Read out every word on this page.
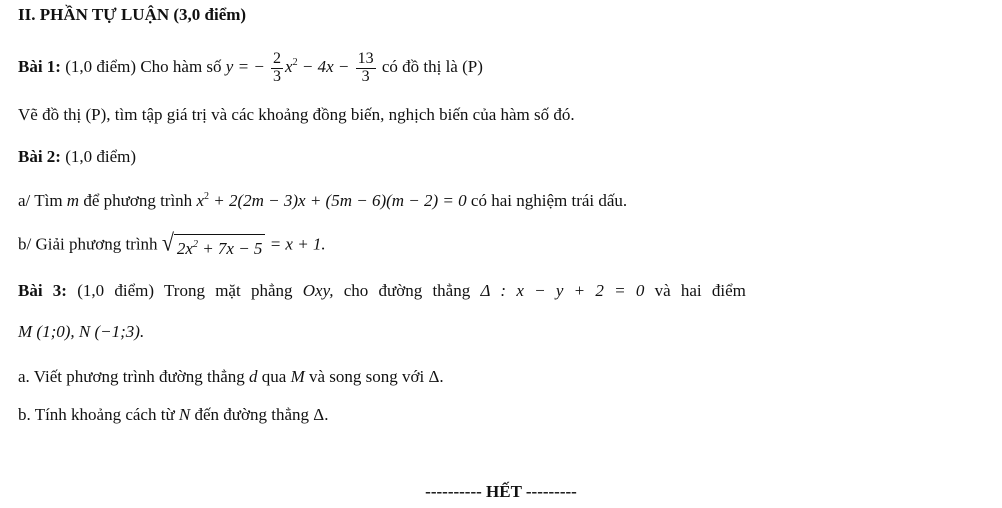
II. PHẦN TỰ LUẬN (3,0 điểm)
Bài 1: (1,0 điểm) Cho hàm số y = − $\frac{2}{3} x^2 - 4x - \frac{13}{3}$ có đồ thị là (P)
Vẽ đồ thị (P), tìm tập giá trị và các khoảng đồng biến, nghịch biến của hàm số đó.
Bài 2: (1,0 điểm)
a/ Tìm m để phương trình $x^2 + 2(2m - 3)x + (5m - 6)(m - 2) = 0$ có hai nghiệm trái dấu.
b/ Giải phương trình √ $2x^2 + 7x - 5 = x + 1$.
Bài 3: (1,0 điểm) Trong mặt phẳng Oxy, cho đường thẳng Δ : x − y + 2 = 0 và hai điểm
M (1;0), N (−1;3).
a. Viết phương trình đường thẳng d qua M và song song với Δ.
b. Tính khoảng cách từ N đến đường thẳng Δ.
---------- HẾT ---------
